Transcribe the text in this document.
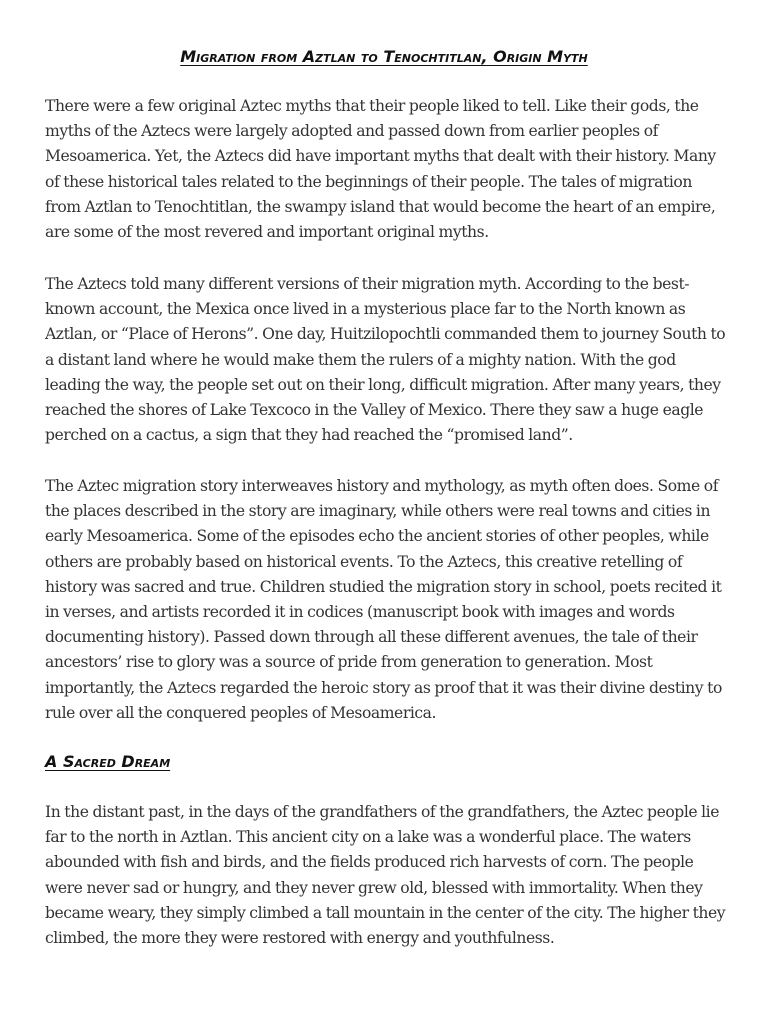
Migration from Aztlan to Tenochtitlan, Origin Myth

There were a few original Aztec myths that their people liked to tell. Like their gods, the myths of the Aztecs were largely adopted and passed down from earlier peoples of Mesoamerica. Yet, the Aztecs did have important myths that dealt with their history. Many of these historical tales related to the beginnings of their people. The tales of migration from Aztlan to Tenochtitlan, the swampy island that would become the heart of an empire, are some of the most revered and important original myths.

The Aztecs told many different versions of their migration myth. According to the best-known account, the Mexica once lived in a mysterious place far to the North known as Aztlan, or “Place of Herons”. One day, Huitzilopochtli commanded them to journey South to a distant land where he would make them the rulers of a mighty nation. With the god leading the way, the people set out on their long, difficult migration. After many years, they reached the shores of Lake Texcoco in the Valley of Mexico. There they saw a huge eagle perched on a cactus, a sign that they had reached the “promised land”.

The Aztec migration story interweaves history and mythology, as myth often does. Some of the places described in the story are imaginary, while others were real towns and cities in early Mesoamerica. Some of the episodes echo the ancient stories of other peoples, while others are probably based on historical events. To the Aztecs, this creative retelling of history was sacred and true. Children studied the migration story in school, poets recited it in verses, and artists recorded it in codices (manuscript book with images and words documenting history). Passed down through all these different avenues, the tale of their ancestors’ rise to glory was a source of pride from generation to generation. Most importantly, the Aztecs regarded the heroic story as proof that it was their divine destiny to rule over all the conquered peoples of Mesoamerica.

A Sacred Dream

In the distant past, in the days of the grandfathers of the grandfathers, the Aztec people lie far to the north in Aztlan. This ancient city on a lake was a wonderful place. The waters abounded with fish and birds, and the fields produced rich harvests of corn. The people were never sad or hungry, and they never grew old, blessed with immortality. When they became weary, they simply climbed a tall mountain in the center of the city. The higher they climbed, the more they were restored with energy and youthfulness.
